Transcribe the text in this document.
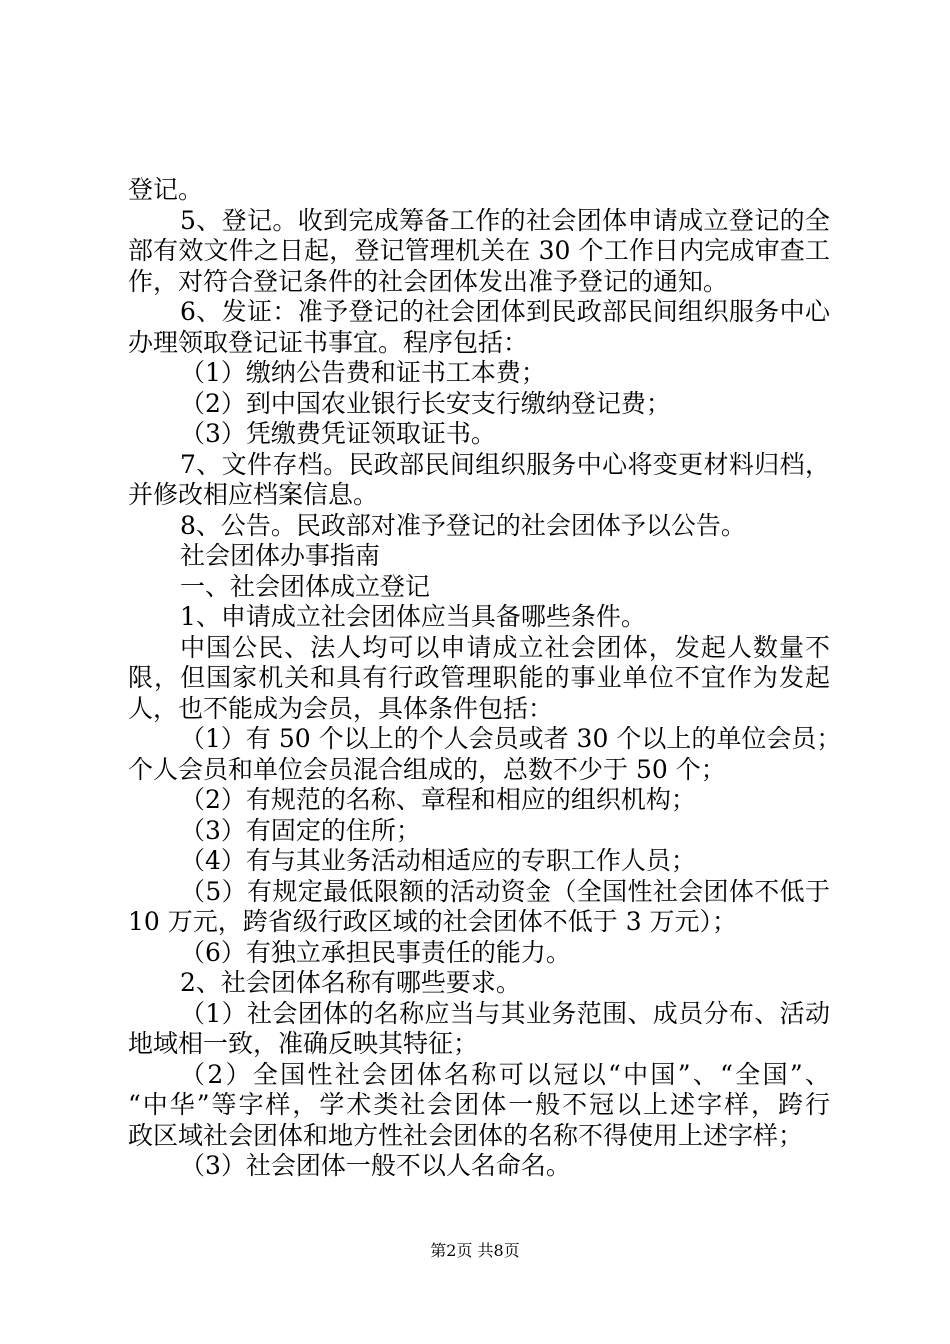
登记。
5、登记。收到完成筹备工作的社会团体申请成立登记的全
部有效文件之日起，登记管理机关在 30 个工作日内完成审查工
作，对符合登记条件的社会团体发出准予登记的通知。
6、发证：准予登记的社会团体到民政部民间组织服务中心
办理领取登记证书事宜。程序包括：
（1）缴纳公告费和证书工本费；
（2）到中国农业银行长安支行缴纳登记费；
（3）凭缴费凭证领取证书。
7、文件存档。民政部民间组织服务中心将变更材料归档，
并修改相应档案信息。
8、公告。民政部对准予登记的社会团体予以公告。
社会团体办事指南
一、社会团体成立登记
1、申请成立社会团体应当具备哪些条件。
中国公民、法人均可以申请成立社会团体，发起人数量不
限，但国家机关和具有行政管理职能的事业单位不宜作为发起
人，也不能成为会员，具体条件包括：
（1）有 50 个以上的个人会员或者 30 个以上的单位会员；
个人会员和单位会员混合组成的，总数不少于 50 个；
（2）有规范的名称、章程和相应的组织机构；
（3）有固定的住所；
（4）有与其业务活动相适应的专职工作人员；
（5）有规定最低限额的活动资金（全国性社会团体不低于
10 万元，跨省级行政区域的社会团体不低于 3 万元）；
（6）有独立承担民事责任的能力。
2、社会团体名称有哪些要求。
（1）社会团体的名称应当与其业务范围、成员分布、活动
地域相一致，准确反映其特征；
（2）全国性社会团体名称可以冠以“中国”、“全国”、
“中华”等字样，学术类社会团体一般不冠以上述字样，跨行
政区域社会团体和地方性社会团体的名称不得使用上述字样；
（3）社会团体一般不以人名命名。
第2页 共8页
